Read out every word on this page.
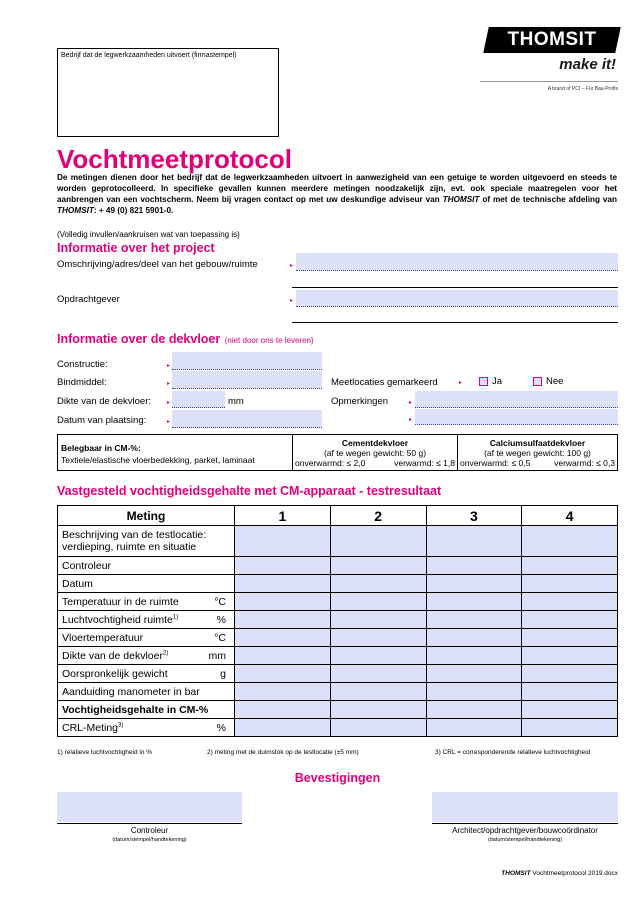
Bedrijf dat de legwerkzaamheden uitvoert (firmastempel)
THOMSIT
make it!
A brand of PCI – Für Bau-Profis
Vochtmeetprotocol
De metingen dienen door het bedrijf dat de legwerkzaamheden uitvoert in aanwezigheid van een getuige te worden uitgevoerd en steeds te worden geprotocolleerd. In specifieke gevallen kunnen meerdere metingen noodzakelijk zijn, evt. ook speciale maatregelen voor het aanbrengen van een vochtscherm. Neem bij vragen contact op met uw deskundige adviseur van THOMSIT of met de technische afdeling van THOMSIT: + 49 (0) 821 5901-0.
(Volledig invullen/aankruisen wat van toepassing is)
Informatie over het project
Omschrijving/adres/deel van het gebouw/ruimte	▸
Opdrachtgever	▸
Informatie over de dekvloer (niet door ons te leveren)
Constructie:	▸
Bindmiddel:	▸
Dikte van de dekvloer:	▸	mm
Datum van plaatsing:	▸
Meetlocaties gemarkeerd	▸	Ja	Nee
Opmerkingen	▸
▸
Belegbaar in CM-%:
Textiele/elastische vloerbedekking, parket, laminaat

Cementdekvloer
(af te wegen gewicht: 50 g)
onverwarmd: ≤ 2,0	verwarmd: ≤ 1,8

Calciumsulfaatdekvloer
(af te wegen gewicht: 100 g)
onverwarmd: ≤ 0,5	verwarmd: ≤ 0,3
Vastgesteld vochtigheidsgehalte met CM-apparaat - testresultaat
Meting	1	2	3	4

Beschrijving van de testlocatie: verdieping, ruimte en situatie				

Controleur				

Datum				

Temperatuur in de ruimte °C				

Luchtvochtigheid ruimte$^{1)}$ %				

Vloertemperatuur °C				

Dikte van de dekvloer$^{2)}$ mm				

Oorspronkelijk gewicht g				

Aanduiding manometer in bar				

Vochtigheidsgehalte in CM-%				

CRL-Meting$^{3)}$ %				

1) relatieve luchtvochtigheid in %	2) meting met de duimstok op de testlocatie (±5 mm)	3) CRL = corresponderende relatieve luchtvochtigheid
Bevestigingen
Controleur
(datum/stempel/handtekening)
Architect/opdrachtgever/bouwcoördinator
(datum/stempel/handtekening)
THOMSIT Vochtmeetprotocol 2019.docx
